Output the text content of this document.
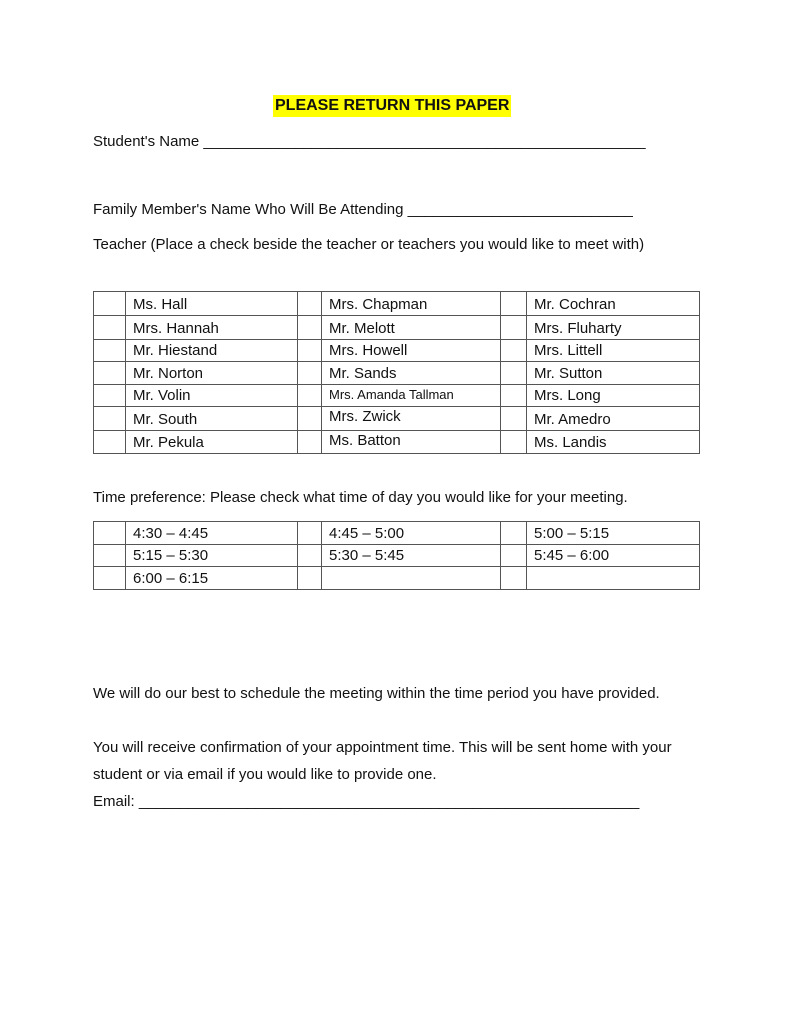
PLEASE RETURN THIS PAPER
Student's Name _____________________________________________________
Family Member's Name Who Will Be Attending ___________________________
Teacher (Place a check beside the teacher or teachers you would like to meet with)
	Ms. Hall		Mrs. Chapman		Mr. Cochran
	Mrs. Hannah		Mr. Melott		Mrs. Fluharty
	Mr. Hiestand		Mrs. Howell		Mrs. Littell
	Mr. Norton		Mr. Sands		Mr. Sutton
	Mr. Volin		Mrs. Amanda Tallman		Mrs. Long
	Mr. South		Mrs. Zwick		Mr. Amedro
	Mr. Pekula		Ms. Batton		Ms. Landis
Time preference: Please check what time of day you would like for your meeting.
	4:30 – 4:45		4:45 – 5:00		5:00 – 5:15
	5:15 – 5:30		5:30 – 5:45		5:45 – 6:00
	6:00 – 6:15				
We will do our best to schedule the meeting within the time period you have provided.
You will receive confirmation of your appointment time. This will be sent home with your student or via email if you would like to provide one.
Email: ____________________________________________________________
